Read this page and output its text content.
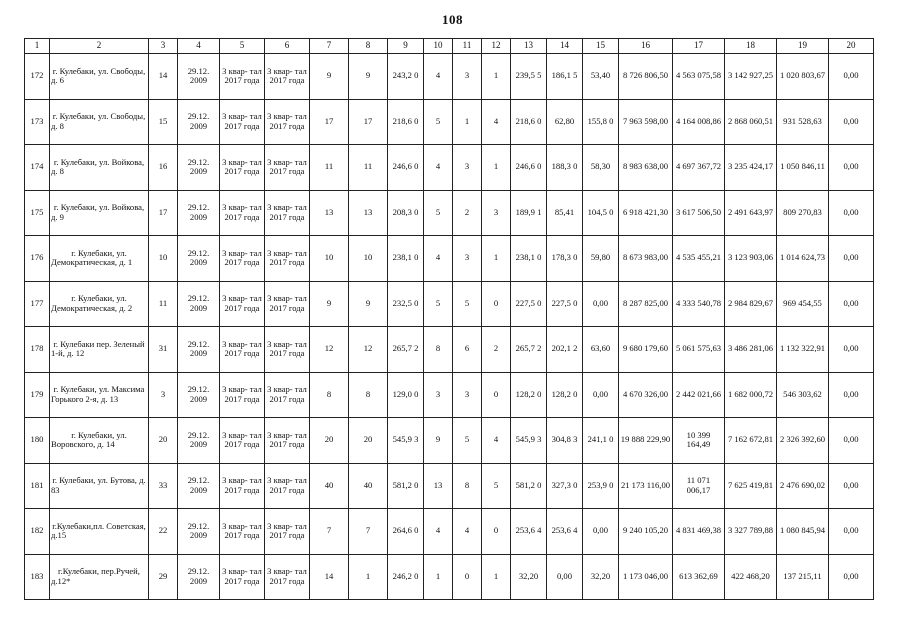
108
1	2	3	4	5	6	7	8	9	10	11	12	13	14	15	16	17	18	19	20
172	г. Кулебаки, ул. Свободы, д. 6	14	29.12. 2009	3 квар- тал 2017 года	3 квар- тал 2017 года	9	9	243,2 0	4	3	1	239,5 5	186,1 5	53,40	8 726 806,50	4 563 075,58	3 142 927,25	1 020 803,67	0,00
173	г. Кулебаки, ул. Свободы, д. 8	15	29.12. 2009	3 квар- тал 2017 года	3 квар- тал 2017 года	17	17	218,6 0	5	1	4	218,6 0	62,80	155,8 0	7 963 598,00	4 164 008,86	2 868 060,51	931 528,63	0,00
174	г. Кулебаки, ул. Войкова, д. 8	16	29.12. 2009	3 квар- тал 2017 года	3 квар- тал 2017 года	11	11	246,6 0	4	3	1	246,6 0	188,3 0	58,30	8 983 638,00	4 697 367,72	3 235 424,17	1 050 846,11	0,00
175	г. Кулебаки, ул. Войкова, д. 9	17	29.12. 2009	3 квар- тал 2017 года	3 квар- тал 2017 года	13	13	208,3 0	5	2	3	189,9 1	85,41	104,5 0	6 918 421,30	3 617 506,50	2 491 643,97	809 270,83	0,00
176	г. Кулебаки, ул. Демократическая, д. 1	10	29.12. 2009	3 квар- тал 2017 года	3 квар- тал 2017 года	10	10	238,1 0	4	3	1	238,1 0	178,3 0	59,80	8 673 983,00	4 535 455,21	3 123 903,06	1 014 624,73	0,00
177	г. Кулебаки, ул. Демократическая, д. 2	11	29.12. 2009	3 квар- тал 2017 года	3 квар- тал 2017 года	9	9	232,5 0	5	5	0	227,5 0	227,5 0	0,00	8 287 825,00	4 333 540,78	2 984 829,67	969 454,55	0,00
178	г. Кулебаки пер. Зеленый 1-й, д. 12	31	29.12. 2009	3 квар- тал 2017 года	3 квар- тал 2017 года	12	12	265,7 2	8	6	2	265,7 2	202,1 2	63,60	9 680 179,60	5 061 575,63	3 486 281,06	1 132 322,91	0,00
179	г. Кулебаки, ул. Максима Горького 2-я, д. 13	3	29.12. 2009	3 квар- тал 2017 года	3 квар- тал 2017 года	8	8	129,0 0	3	3	0	128,2 0	128,2 0	0,00	4 670 326,00	2 442 021,66	1 682 000,72	546 303,62	0,00
180	г. Кулебаки, ул. Воровского, д. 14	20	29.12. 2009	3 квар- тал 2017 года	3 квар- тал 2017 года	20	20	545,9 3	9	5	4	545,9 3	304,8 3	241,1 0	19 888 229,90	10 399 164,49	7 162 672,81	2 326 392,60	0,00
181	г. Кулебаки, ул. Бутова, д. 83	33	29.12. 2009	3 квар- тал 2017 года	3 квар- тал 2017 года	40	40	581,2 0	13	8	5	581,2 0	327,3 0	253,9 0	21 173 116,00	11 071 006,17	7 625 419,81	2 476 690,02	0,00
182	г.Кулебаки,пл. Советская, д.15	22	29.12. 2009	3 квар- тал 2017 года	3 квар- тал 2017 года	7	7	264,6 0	4	4	0	253,6 4	253,6 4	0,00	9 240 105,20	4 831 469,38	3 327 789,88	1 080 845,94	0,00
183	г.Кулебаки, пер.Ручей, д.12*	29	29.12. 2009	3 квар- тал 2017 года	3 квар- тал 2017 года	14	1	246,2 0	1	0	1	32,20	0,00	32,20	1 173 046,00	613 362,69	422 468,20	137 215,11	0,00
